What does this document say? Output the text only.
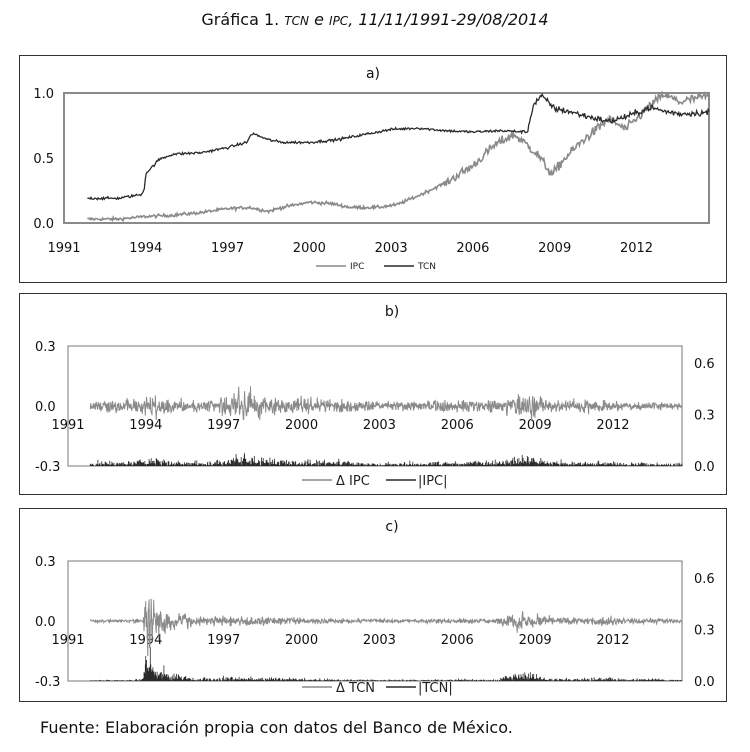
Gráfica 1. TCN e IPC, 11/11/1991-29/08/2014
a)
0.0
0.5
1.0
1991	1994	1997	2000	2003	2006	2009	2012
IPC	TCN
b)
0.3
0.0
-0.3
0.6
0.3
0.0
1991	1994	1997	2000	2003	2006	2009	2012
Δ IPC	|IPC|
c)
0.3
0.0
-0.3
0.6
0.3
0.0
1991	1994	1997	2000	2003	2006	2009	2012
Δ TCN	|TCN|
Fuente: Elaboración propia con datos del Banco de México.
